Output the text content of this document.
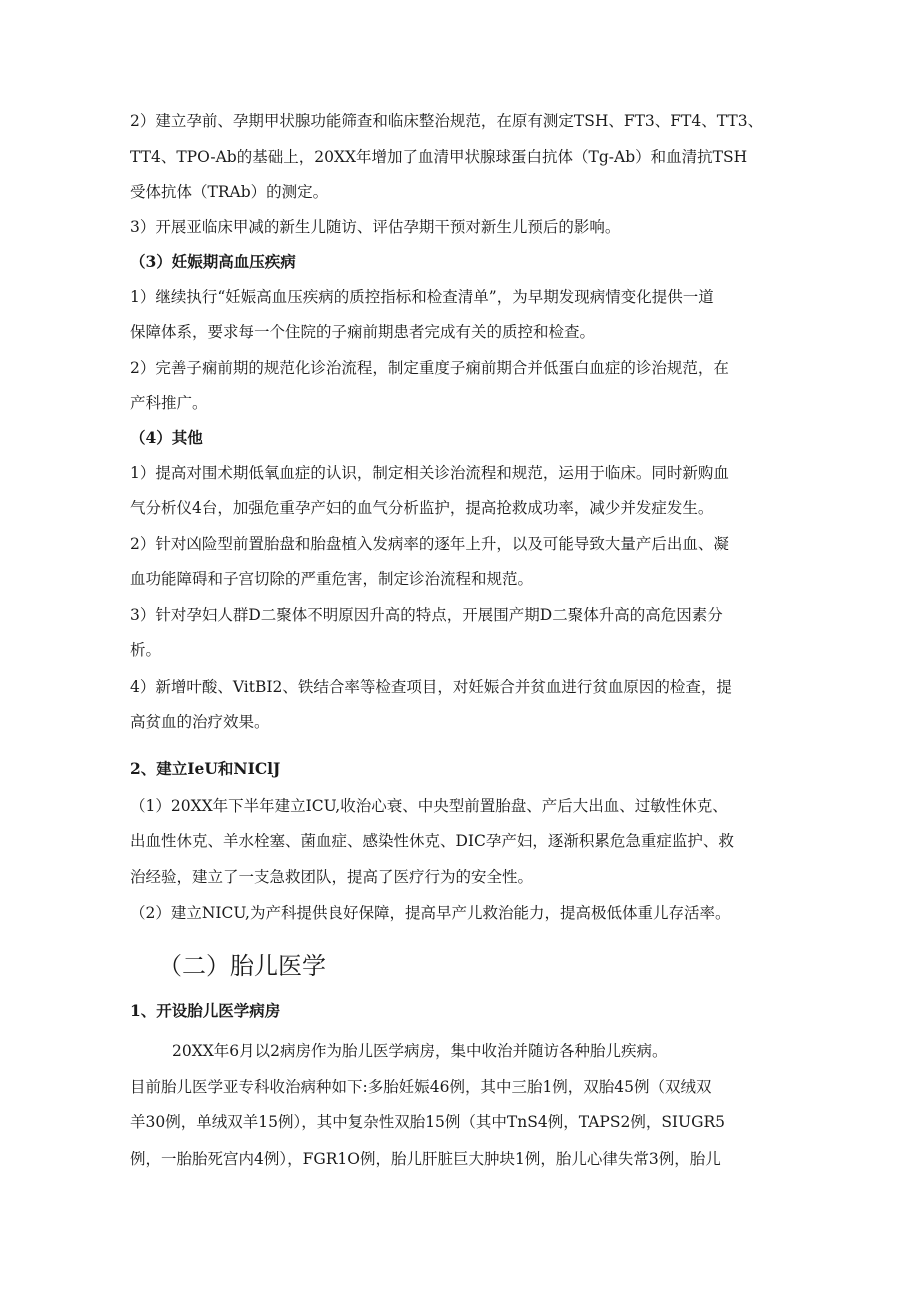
2）建立孕前、孕期甲状腺功能筛查和临床整治规范，在原有测定TSH、FT3、FT4、TT3、
TT4、TPO-Ab的基础上，20XX年增加了血清甲状腺球蛋白抗体（Tg-Ab）和血清抗TSH
受体抗体（TRAb）的测定。
3）开展亚临床甲减的新生儿随访、评估孕期干预对新生儿预后的影响。
（3）妊娠期高血压疾病
1）继续执行“妊娠高血压疾病的质控指标和检查清单”，为早期发现病情变化提供一道
保障体系，要求每一个住院的子痫前期患者完成有关的质控和检查。
2）完善子痫前期的规范化诊治流程，制定重度子痫前期合并低蛋白血症的诊治规范，在
产科推广。
（4）其他
1）提高对围术期低氧血症的认识，制定相关诊治流程和规范，运用于临床。同时新购血
气分析仪4台，加强危重孕产妇的血气分析监护，提高抢救成功率，减少并发症发生。
2）针对凶险型前置胎盘和胎盘植入发病率的逐年上升，以及可能导致大量产后出血、凝
血功能障碍和子宫切除的严重危害，制定诊治流程和规范。
3）针对孕妇人群D二聚体不明原因升高的特点，开展围产期D二聚体升高的高危因素分
析。
4）新增叶酸、VitBI2、铁结合率等检查项目，对妊娠合并贫血进行贫血原因的检查，提
高贫血的治疗效果。
2、建立IeU和NIClJ
（1）20XX年下半年建立ICU,收治心衰、中央型前置胎盘、产后大出血、过敏性休克、
出血性休克、羊水栓塞、菌血症、感染性休克、DIC孕产妇，逐渐积累危急重症监护、救
治经验，建立了一支急救团队，提高了医疗行为的安全性。
（2）建立NICU,为产科提供良好保障，提高早产儿救治能力，提高极低体重儿存活率。
（二）胎儿医学
1、开设胎儿医学病房
20XX年6月以2病房作为胎儿医学病房，集中收治并随访各种胎儿疾病。
目前胎儿医学亚专科收治病种如下:多胎妊娠46例，其中三胎1例，双胎45例（双绒双
羊30例，单绒双羊15例），其中复杂性双胎15例（其中TnS4例，TAPS2例，SIUGR5
例，一胎胎死宫内4例），FGR1O例，胎儿肝脏巨大肿块1例，胎儿心律失常3例，胎儿
